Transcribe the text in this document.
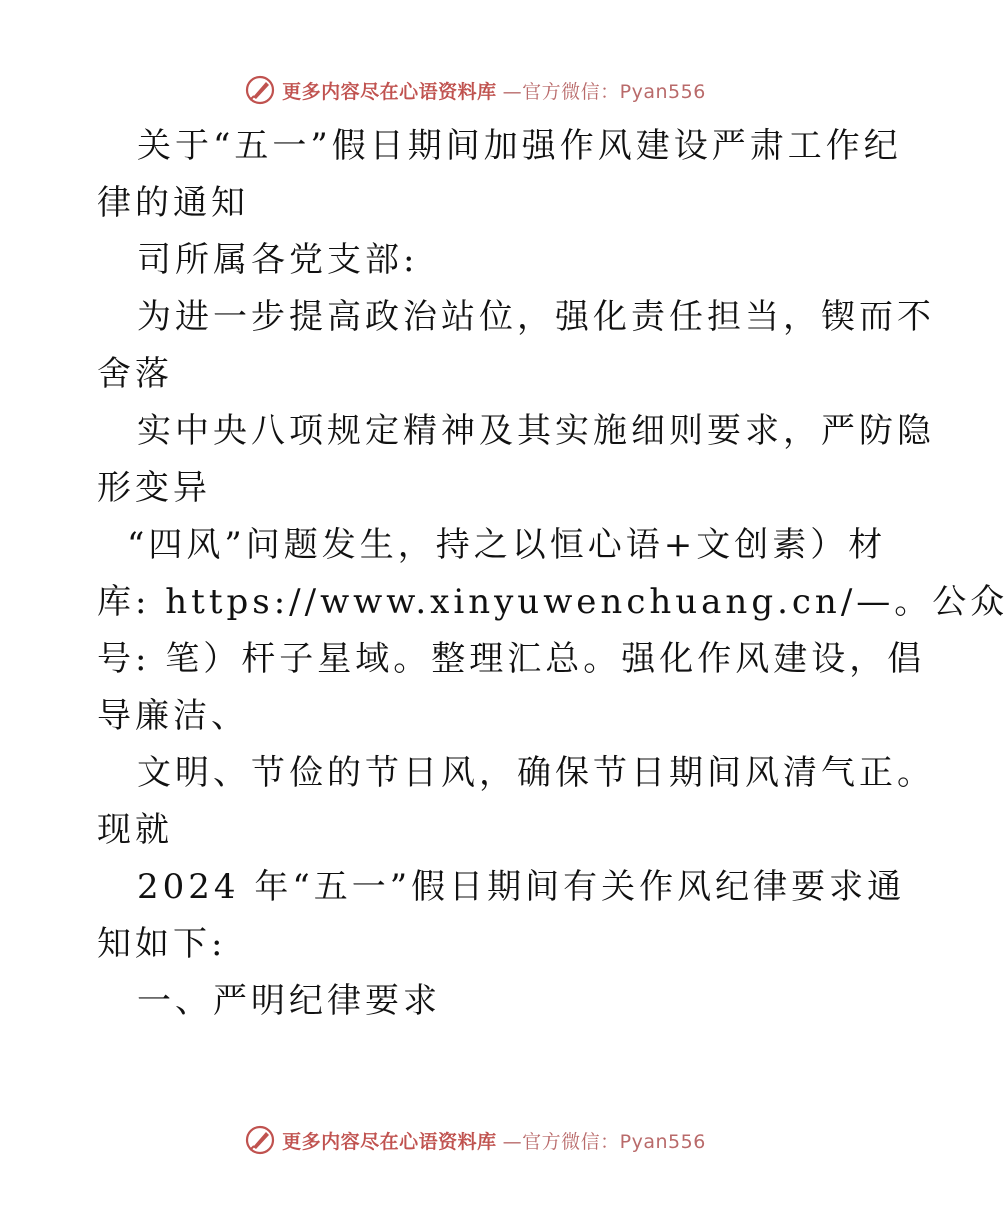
更多内容尽在心语资料库 —官方微信：Pyan556
关于“五一”假日期间加强作风建设严肃工作纪
律的通知
司所属各党支部:
为进一步提高政治站位，强化责任担当，锲而不
舍落
实中央八项规定精神及其实施细则要求，严防隐
形变异
“四风”问题发生，持之以恒心语+文创素）材
库: https://www.xinyuwenchuang.cn/—。公众
号: 笔）杆子星域。整理汇总。强化作风建设，倡
导廉洁、
文明、节俭的节日风，确保节日期间风清气正。
现就
2024 年“五一”假日期间有关作风纪律要求通
知如下:
一、严明纪律要求
更多内容尽在心语资料库 —官方微信：Pyan556
